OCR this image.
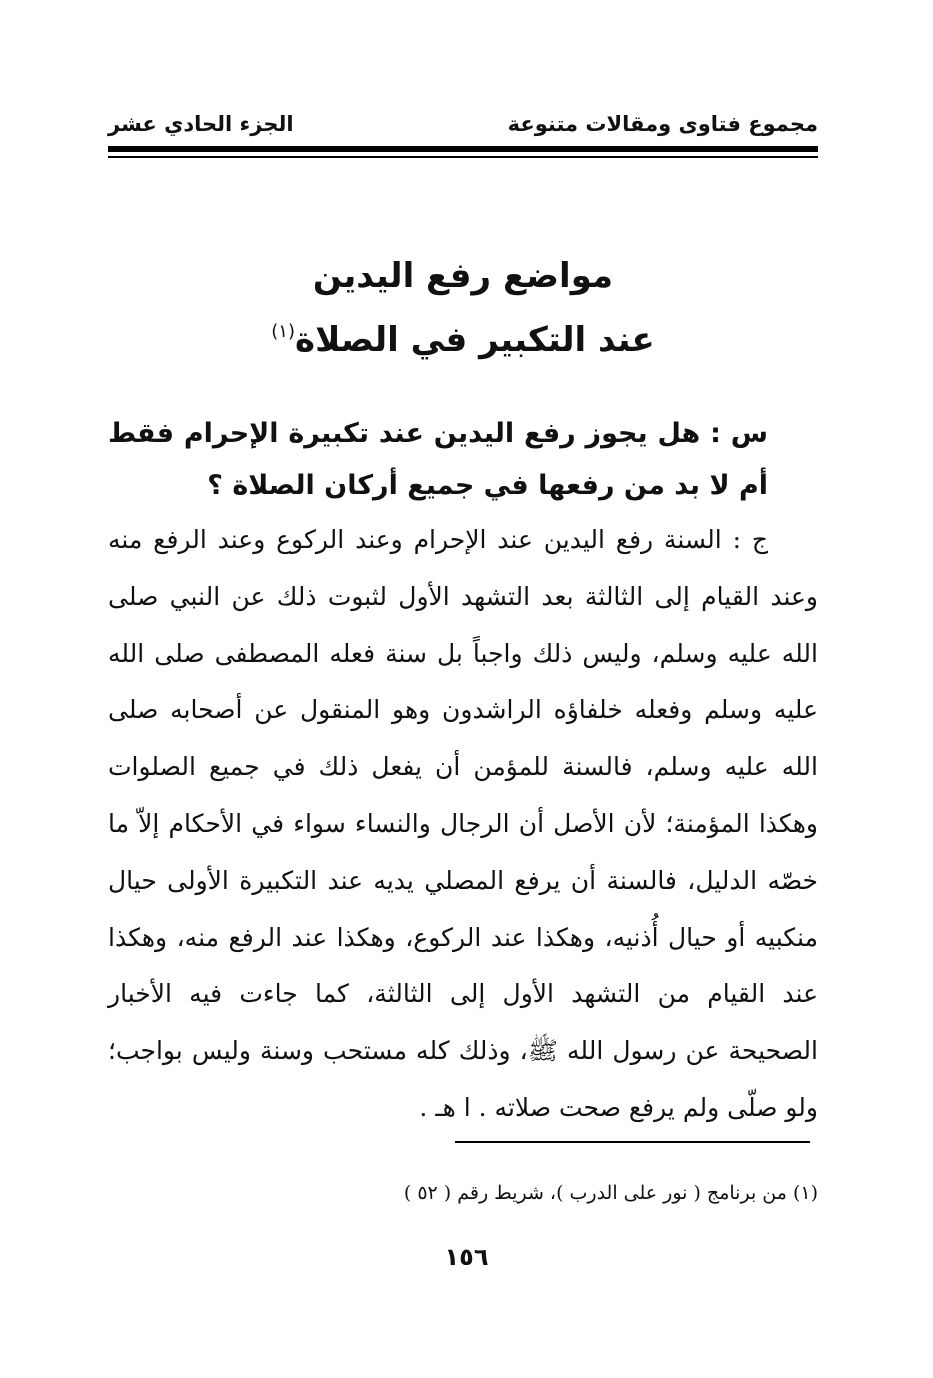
مجموع فتاوى ومقالات متنوعة
الجزء الحادي عشر
مواضع رفع اليدين
عند التكبير في الصلاة$^{(١)}$
س : هل يجوز رفع اليدين عند تكبيرة الإحرام فقط أم لا بد من رفعها في جميع أركان الصلاة ؟
ج : السنة رفع اليدين عند الإحرام وعند الركوع وعند الرفع منه وعند القيام إلى الثالثة بعد التشهد الأول لثبوت ذلك عن النبي صلى الله عليه وسلم، وليس ذلك واجباً بل سنة فعله المصطفى صلى الله عليه وسلم وفعله خلفاؤه الراشدون وهو المنقول عن أصحابه صلى الله عليه وسلم، فالسنة للمؤمن أن يفعل ذلك في جميع الصلوات وهكذا المؤمنة؛ لأن الأصل أن الرجال والنساء سواء في الأحكام إلاّ ما خصّه الدليل، فالسنة أن يرفع المصلي يديه عند التكبيرة الأولى حيال منكبيه أو حيال أُذنيه، وهكذا عند الركوع، وهكذا عند الرفع منه، وهكذا عند القيام من التشهد الأول إلى الثالثة، كما جاءت فيه الأخبار الصحيحة عن رسول الله ﷺ، وذلك كله مستحب وسنة وليس بواجب؛ ولو صلّى ولم يرفع صحت صلاته . ا هـ .
(١) من برنامج ( نور على الدرب )، شريط رقم ( ٥٢ )
١٥٦
